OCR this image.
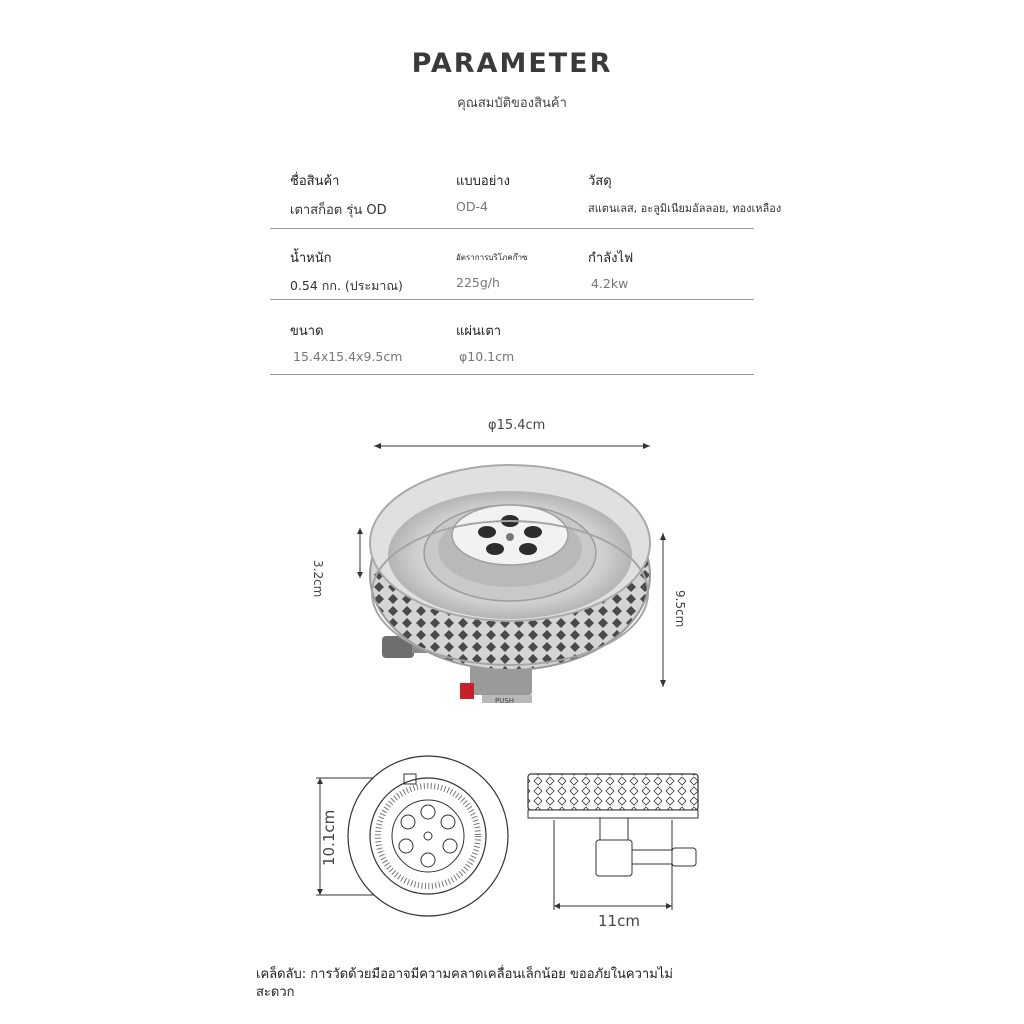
PARAMETER
คุณสมบัติของสินค้า
ชื่อสินค้า
เตาสก็อต รุ่น OD
แบบอย่าง
OD-4
วัสดุ
สแตนเลส, อะลูมิเนียมอัลลอย, ทองเหลือง
น้ำหนัก
0.54 กก. (ประมาณ)
อัตราการบริโภคก๊าซ
225g/h
กำลังไฟ
4.2kw
ขนาด
15.4x15.4x9.5cm
แผ่นเตา
φ10.1cm
PUSH
φ15.4cm
3.2cm
9.5cm
10.1cm
11cm
เคล็ดลับ: การวัดด้วยมืออาจมีความคลาดเคลื่อนเล็กน้อย ขออภัยในความไม่สะดวก
